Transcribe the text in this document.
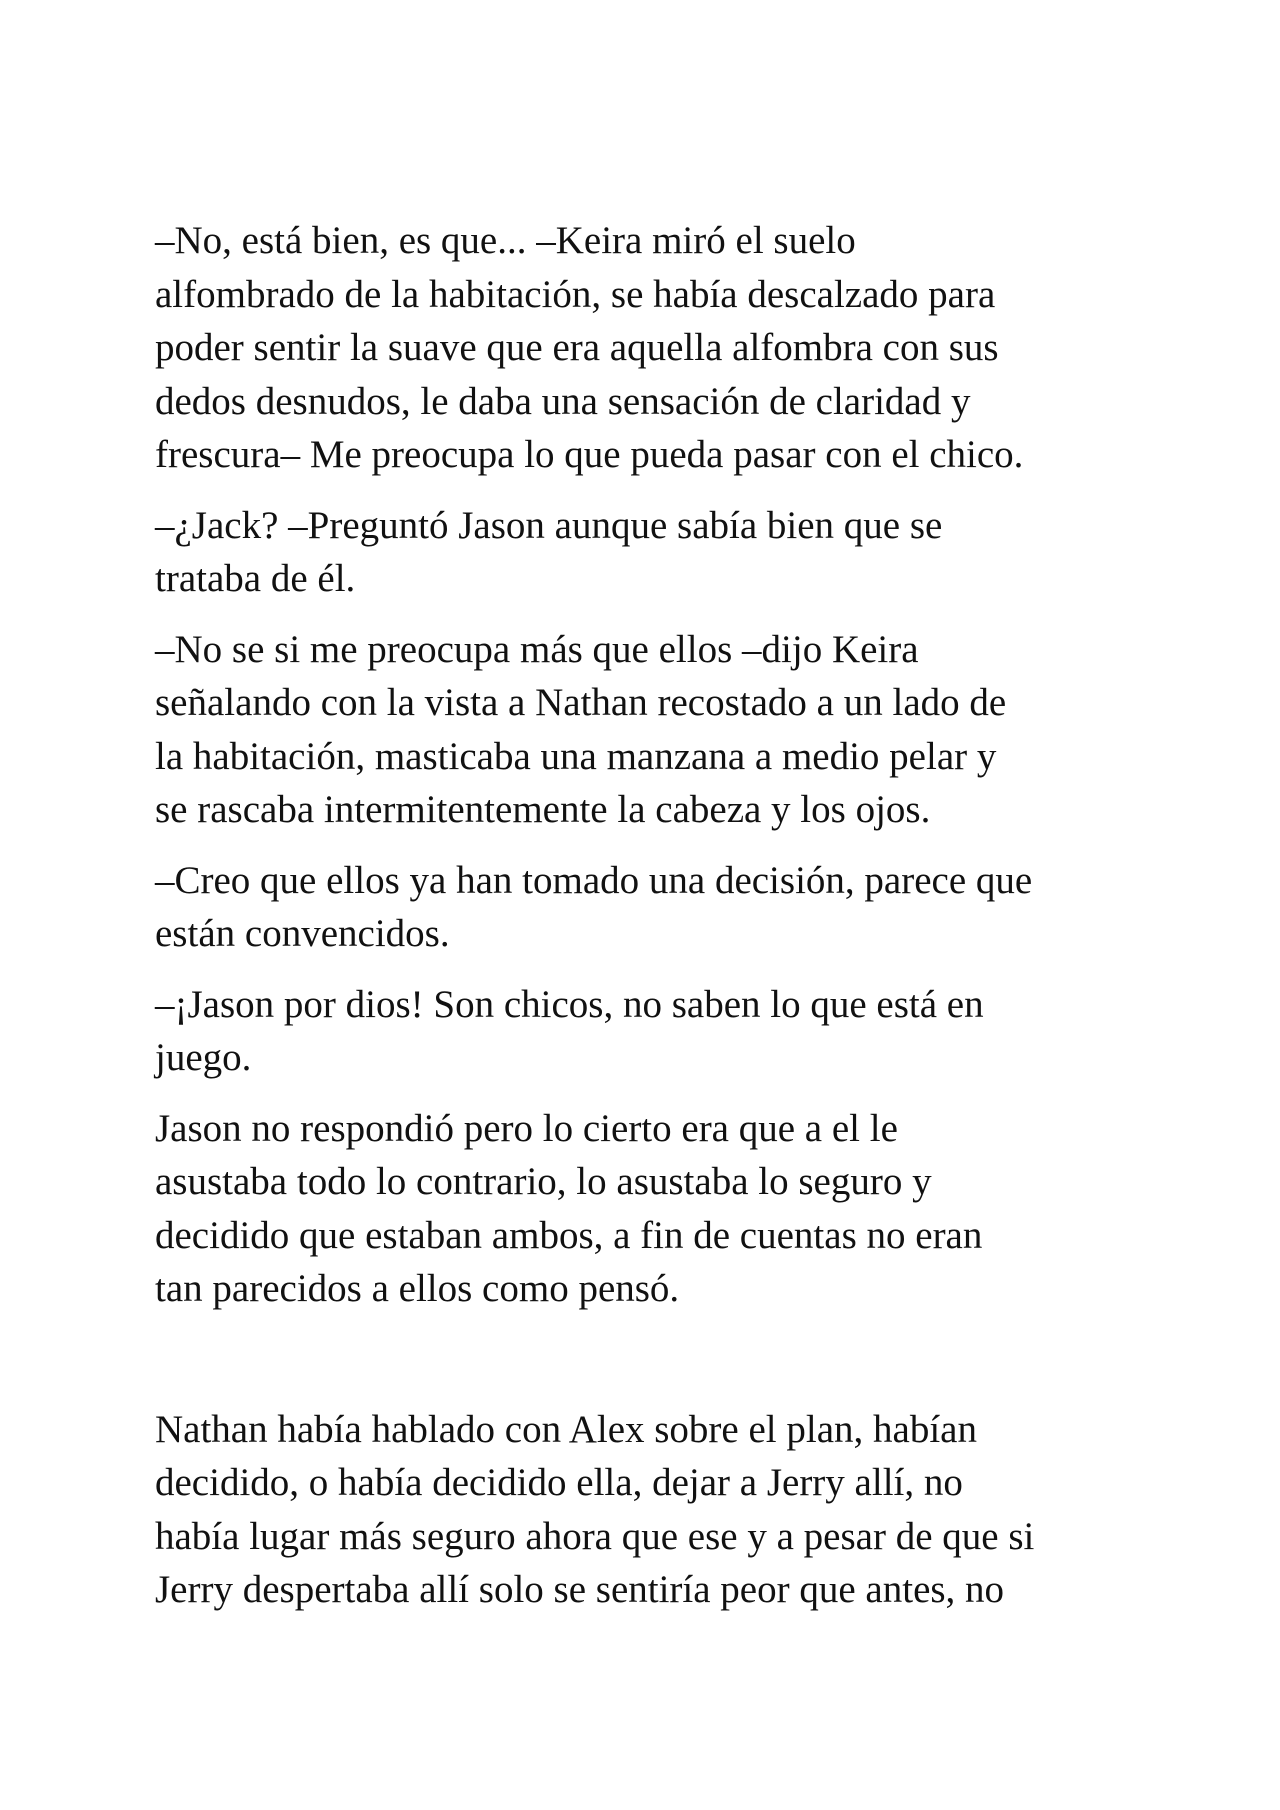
–No, está bien, es que... –Keira miró el suelo
alfombrado de la habitación, se había descalzado para
poder sentir la suave que era aquella alfombra con sus
dedos desnudos, le daba una sensación de claridad y
frescura– Me preocupa lo que pueda pasar con el chico.

–¿Jack? –Preguntó Jason aunque sabía bien que se
trataba de él.

–No se si me preocupa más que ellos –dijo Keira
señalando con la vista a Nathan recostado a un lado de
la habitación, masticaba una manzana a medio pelar y
se rascaba intermitentemente la cabeza y los ojos.

–Creo que ellos ya han tomado una decisión, parece que
están convencidos.

–¡Jason por dios! Son chicos, no saben lo que está en
juego.

Jason no respondió pero lo cierto era que a el le
asustaba todo lo contrario, lo asustaba lo seguro y
decidido que estaban ambos, a fin de cuentas no eran
tan parecidos a ellos como pensó.

Nathan había hablado con Alex sobre el plan, habían
decidido, o había decidido ella, dejar a Jerry allí, no
había lugar más seguro ahora que ese y a pesar de que si
Jerry despertaba allí solo se sentiría peor que antes, no
